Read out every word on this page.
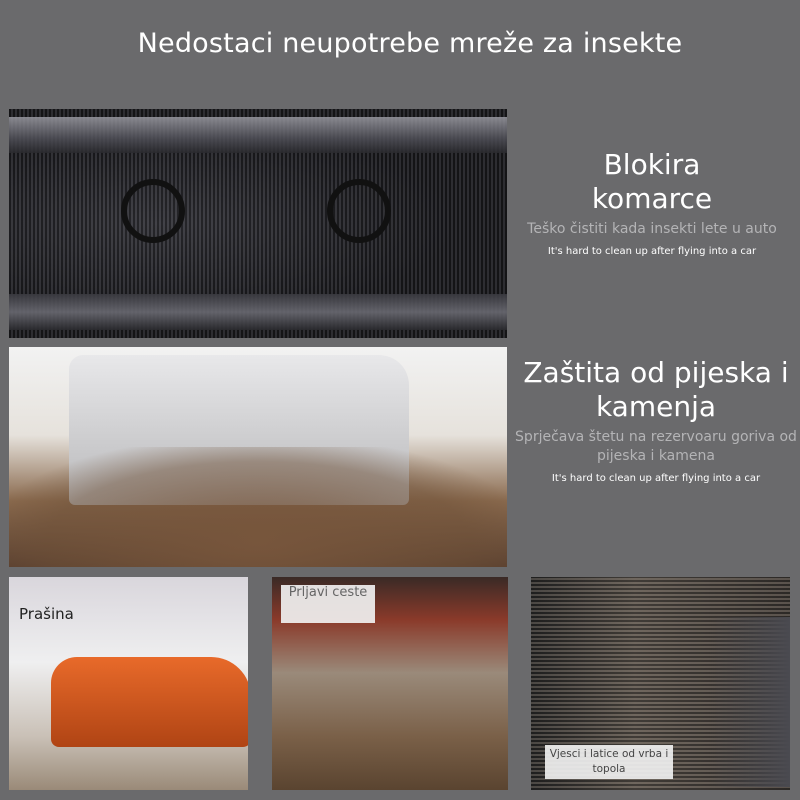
Nedostaci neupotrebe mreže za insekte
Blokira
komarce
Teško čistiti kada insekti lete u auto
It's hard to clean up after flying into a car
Zaštita od pijeska i
kamenja
Sprječava štetu na rezervoaru goriva od pijeska i kamena
It's hard to clean up after flying into a car
Prašina
Prljavi ceste
Vjesci i latice od vrba i topola
